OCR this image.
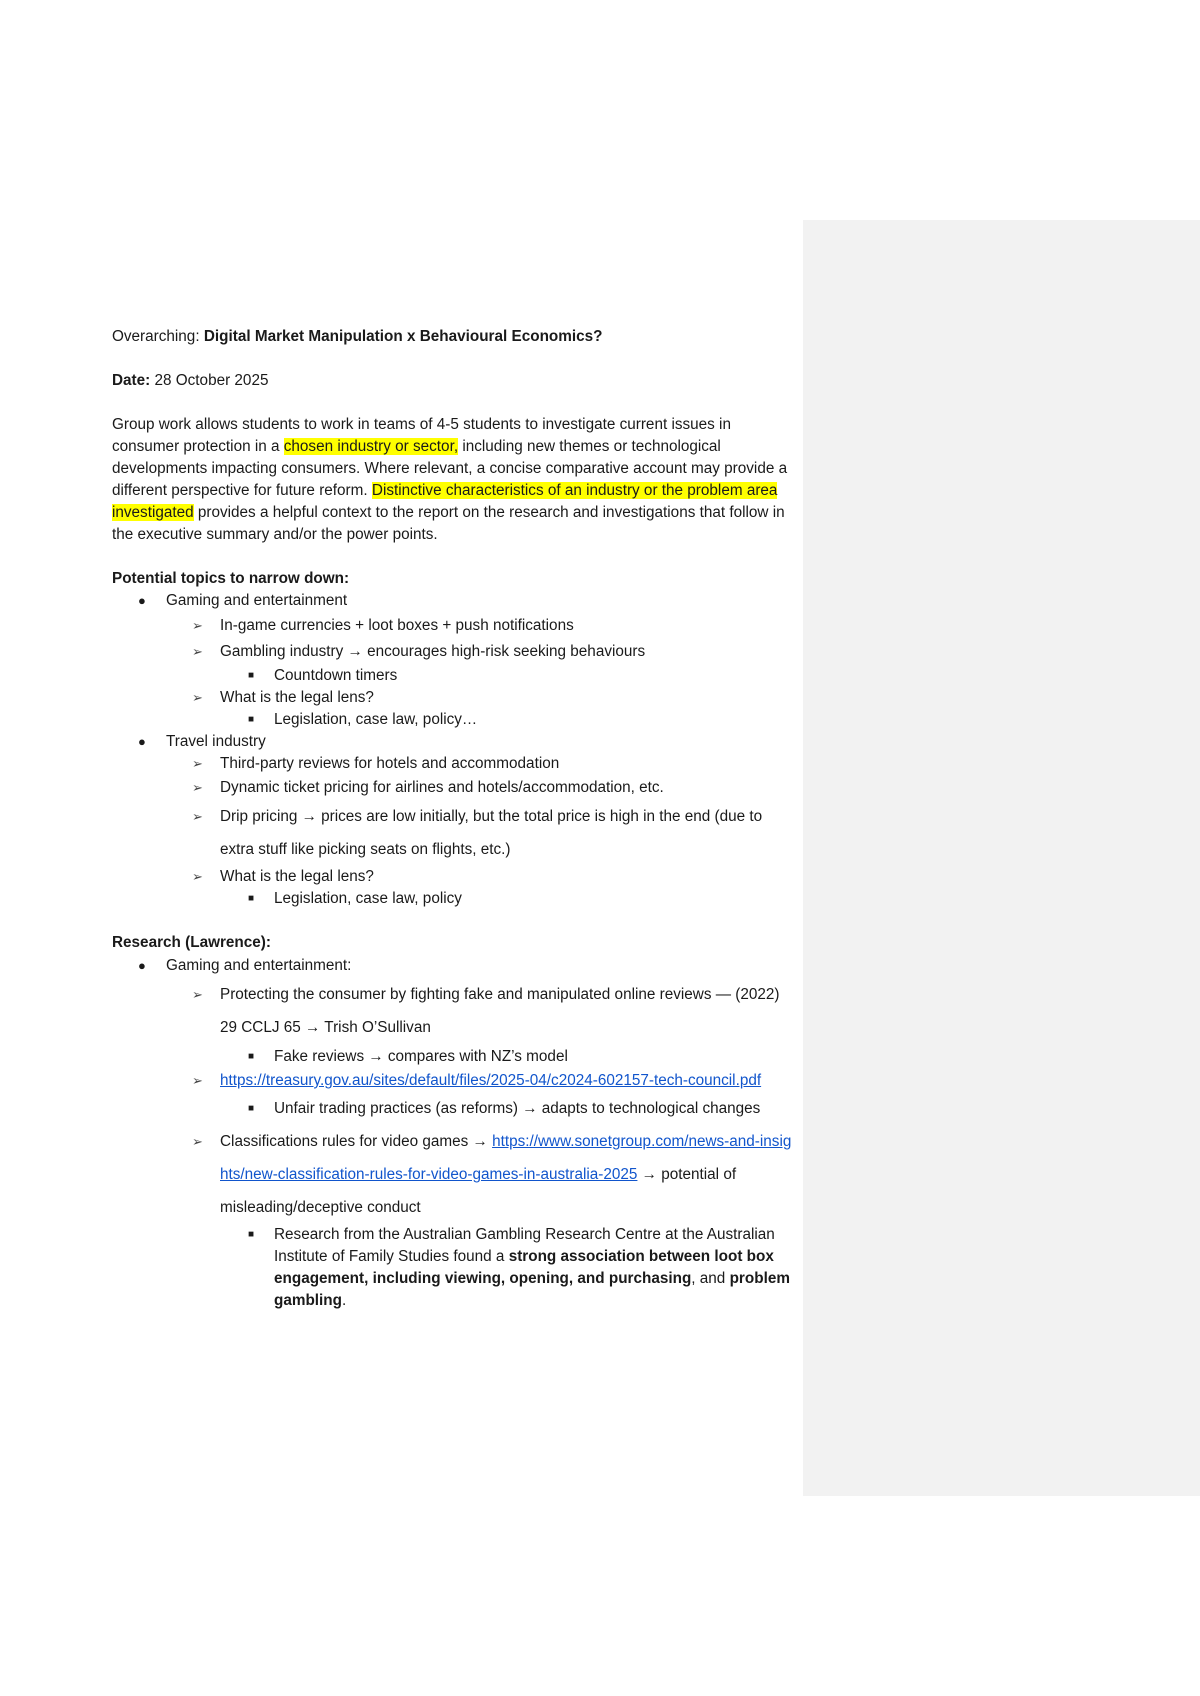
Overarching: Digital Market Manipulation x Behavioural Economics?

Date: 28 October 2025

Group work allows students to work in teams of 4-5 students to investigate current issues in consumer protection in a chosen industry or sector, including new themes or technological developments impacting consumers. Where relevant, a concise comparative account may provide a different perspective for future reform. Distinctive characteristics of an industry or the problem area investigated provides a helpful context to the report on the research and investigations that follow in the executive summary and/or the power points.

Potential topics to narrow down:

● Gaming and entertainment
➢ In-game currencies + loot boxes + push notifications
➢ Gambling industry → encourages high-risk seeking behaviours
■ Countdown timers
➢ What is the legal lens?
■ Legislation, case law, policy…
● Travel industry
➢ Third-party reviews for hotels and accommodation
➢ Dynamic ticket pricing for airlines and hotels/accommodation, etc.
➢ Drip pricing → prices are low initially, but the total price is high in the end (due to extra stuff like picking seats on flights, etc.)
➢ What is the legal lens?
■ Legislation, case law, policy

Research (Lawrence):

● Gaming and entertainment:
➢ Protecting the consumer by fighting fake and manipulated online reviews — (2022) 29 CCLJ 65 → Trish O’Sullivan
■ Fake reviews → compares with NZ’s model
➢ https://treasury.gov.au/sites/default/files/2025-04/c2024-602157-tech-council.pdf
■ Unfair trading practices (as reforms) → adapts to technological changes
➢ Classifications rules for video games → https://www.sonetgroup.com/news-and-insights/new-classification-rules-for-video-games-in-australia-2025 → potential of misleading/deceptive conduct
■ Research from the Australian Gambling Research Centre at the Australian Institute of Family Studies found a strong association between loot box engagement, including viewing, opening, and purchasing, and problem gambling.
